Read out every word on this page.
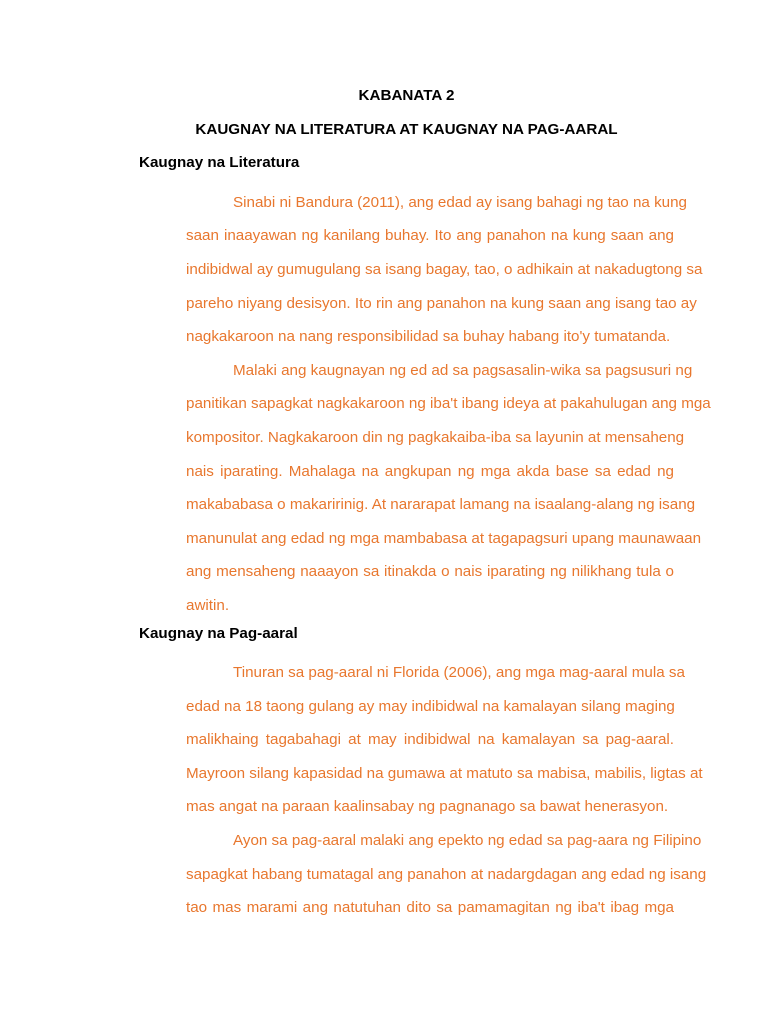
KABANATA 2
KAUGNAY NA LITERATURA AT KAUGNAY NA PAG-AARAL
Kaugnay na Literatura
Sinabi ni Bandura (2011), ang edad ay isang bahagi ng tao na kung
saan inaayawan ng kanilang buhay. Ito ang panahon na kung saan ang
indibidwal ay gumugulang sa isang bagay, tao, o adhikain at nakadugtong sa
pareho niyang desisyon. Ito rin ang panahon na kung saan ang isang tao ay
nagkakaroon na nang responsibilidad sa buhay habang ito'y tumatanda.
Malaki ang kaugnayan ng ed ad sa pagsasalin-wika sa pagsusuri ng
panitikan sapagkat nagkakaroon ng iba't ibang ideya at pakahulugan ang mga
kompositor. Nagkakaroon din ng pagkakaiba-iba sa layunin at mensaheng
nais iparating. Mahalaga na angkupan ng mga akda base sa edad ng
makababasa o makaririnig. At nararapat lamang na isaalang-alang ng isang
manunulat ang edad ng mga mambabasa at tagapagsuri upang maunawaan
ang mensaheng naaayon sa itinakda o nais iparating ng nilikhang tula o
awitin.
Kaugnay na Pag-aaral
Tinuran sa pag-aaral ni Florida (2006), ang mga mag-aaral mula sa
edad na 18 taong gulang ay may indibidwal na kamalayan silang maging
malikhaing tagabahagi at may indibidwal na kamalayan sa pag-aaral.
Mayroon silang kapasidad na gumawa at matuto sa mabisa, mabilis, ligtas at
mas angat na paraan kaalinsabay ng pagnanago sa bawat henerasyon.
Ayon sa pag-aaral malaki ang epekto ng edad sa pag-aara ng Filipino
sapagkat habang tumatagal ang panahon at nadargdagan ang edad ng isang
tao mas marami ang natutuhan dito sa pamamagitan ng iba't ibag mga
